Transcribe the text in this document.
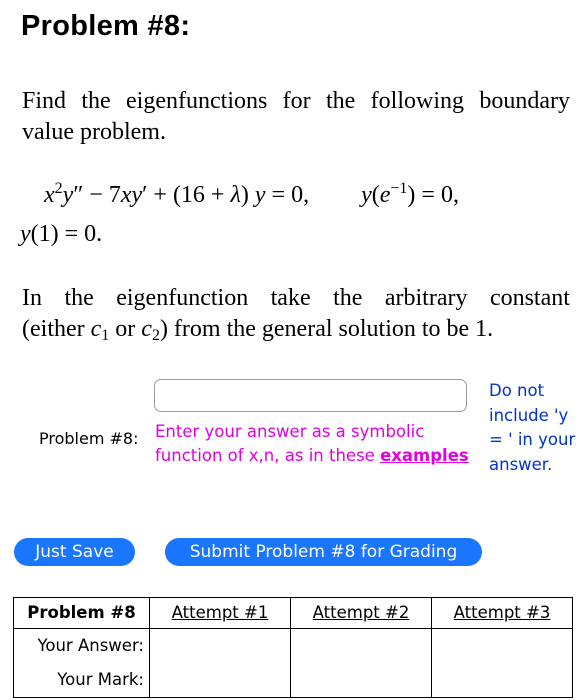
Problem #8:
Find the eigenfunctions for the following boundary value problem.
$x^2y'' - 7xy' + (16 + \lambda) y = 0$, $y(e^{-1}) = 0$,
y(1) = 0.
In the eigenfunction take the arbitrary constant
(either $c_1$ or $c_2$) from the general solution to be 1.
Problem #8: Enter your answer as a symbolic function of x,n, as in these examples
Do not include 'y = ' in your answer.
Just Save	Submit Problem #8 for Grading
Problem #8	Attempt #1	Attempt #2	Attempt #3
Your Answer:			
Your Mark:			
